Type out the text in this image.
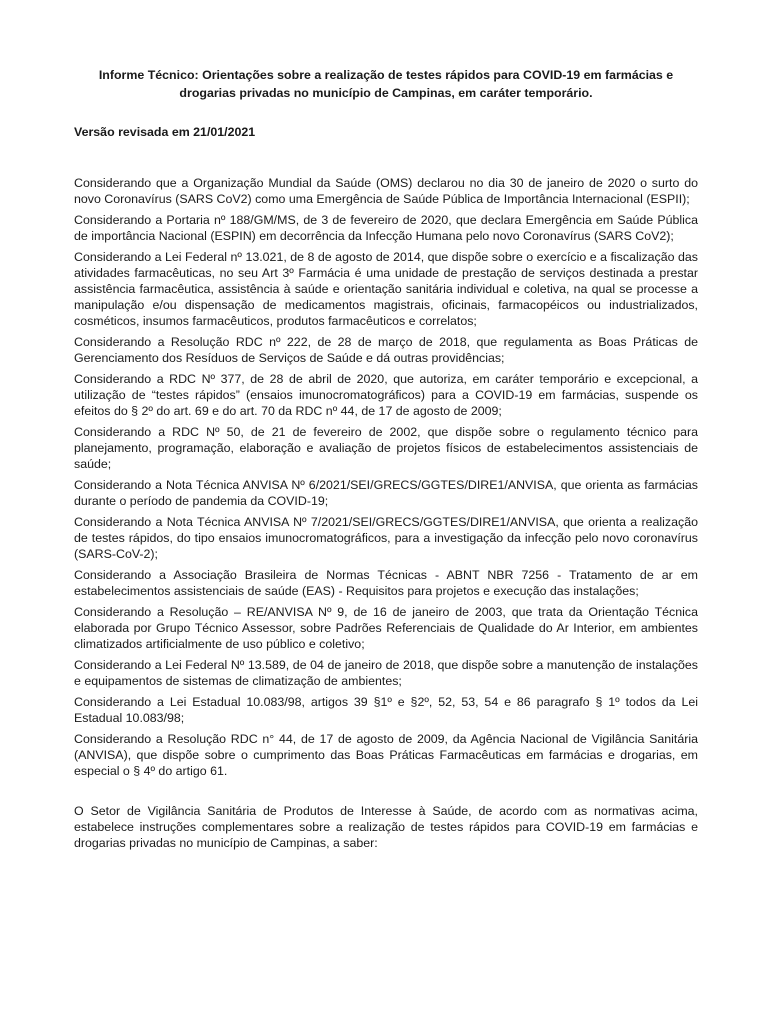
Informe Técnico: Orientações sobre a realização de testes rápidos para COVID-19 em farmácias e drogarias privadas no município de Campinas, em caráter temporário.

Versão revisada em 21/01/2021

Considerando que a Organização Mundial da Saúde (OMS) declarou no dia 30 de janeiro de 2020 o surto do novo Coronavírus (SARS CoV2) como uma Emergência de Saúde Pública de Importância Internacional (ESPII);

Considerando a Portaria nº 188/GM/MS, de 3 de fevereiro de 2020, que declara Emergência em Saúde Pública de importância Nacional (ESPIN) em decorrência da Infecção Humana pelo novo Coronavírus (SARS CoV2);

Considerando a Lei Federal nº 13.021, de 8 de agosto de 2014, que dispõe sobre o exercício e a fiscalização das atividades farmacêuticas, no seu Art 3º Farmácia é uma unidade de prestação de serviços destinada a prestar assistência farmacêutica, assistência à saúde e orientação sanitária individual e coletiva, na qual se processe a manipulação e/ou dispensação de medicamentos magistrais, oficinais, farmacopéicos ou industrializados, cosméticos, insumos farmacêuticos, produtos farmacêuticos e correlatos;

Considerando a Resolução RDC nº 222, de 28 de março de 2018, que regulamenta as Boas Práticas de Gerenciamento dos Resíduos de Serviços de Saúde e dá outras providências;

Considerando a RDC Nº 377, de 28 de abril de 2020, que autoriza, em caráter temporário e excepcional, a utilização de “testes rápidos” (ensaios imunocromatográficos) para a COVID-19 em farmácias, suspende os efeitos do § 2º do art. 69 e do art. 70 da RDC nº 44, de 17 de agosto de 2009;

Considerando a RDC Nº 50, de 21 de fevereiro de 2002, que dispõe sobre o regulamento técnico para planejamento, programação, elaboração e avaliação de projetos físicos de estabelecimentos assistenciais de saúde;

Considerando a Nota Técnica ANVISA Nº 6/2021/SEI/GRECS/GGTES/DIRE1/ANVISA, que orienta as farmácias durante o período de pandemia da COVID-19;

Considerando a Nota Técnica ANVISA Nº 7/2021/SEI/GRECS/GGTES/DIRE1/ANVISA, que orienta a realização de testes rápidos, do tipo ensaios imunocromatográficos, para a investigação da infecção pelo novo coronavírus (SARS-CoV-2);

Considerando a Associação Brasileira de Normas Técnicas - ABNT NBR 7256 - Tratamento de ar em estabelecimentos assistenciais de saúde (EAS) - Requisitos para projetos e execução das instalações;

Considerando a Resolução – RE/ANVISA Nº 9, de 16 de janeiro de 2003, que trata da Orientação Técnica elaborada por Grupo Técnico Assessor, sobre Padrões Referenciais de Qualidade do Ar Interior, em ambientes climatizados artificialmente de uso público e coletivo;

Considerando a Lei Federal Nº 13.589, de 04 de janeiro de 2018, que dispõe sobre a manutenção de instalações e equipamentos de sistemas de climatização de ambientes;

Considerando a Lei Estadual 10.083/98, artigos 39 §1º e §2º, 52, 53, 54 e 86 paragrafo § 1º todos da Lei Estadual 10.083/98;

Considerando a Resolução RDC n° 44, de 17 de agosto de 2009, da Agência Nacional de Vigilância Sanitária (ANVISA), que dispõe sobre o cumprimento das Boas Práticas Farmacêuticas em farmácias e drogarias, em especial o § 4º do artigo 61.

O Setor de Vigilância Sanitária de Produtos de Interesse à Saúde, de acordo com as normativas acima, estabelece instruções complementares sobre a realização de testes rápidos para COVID-19 em farmácias e drogarias privadas no município de Campinas, a saber:
